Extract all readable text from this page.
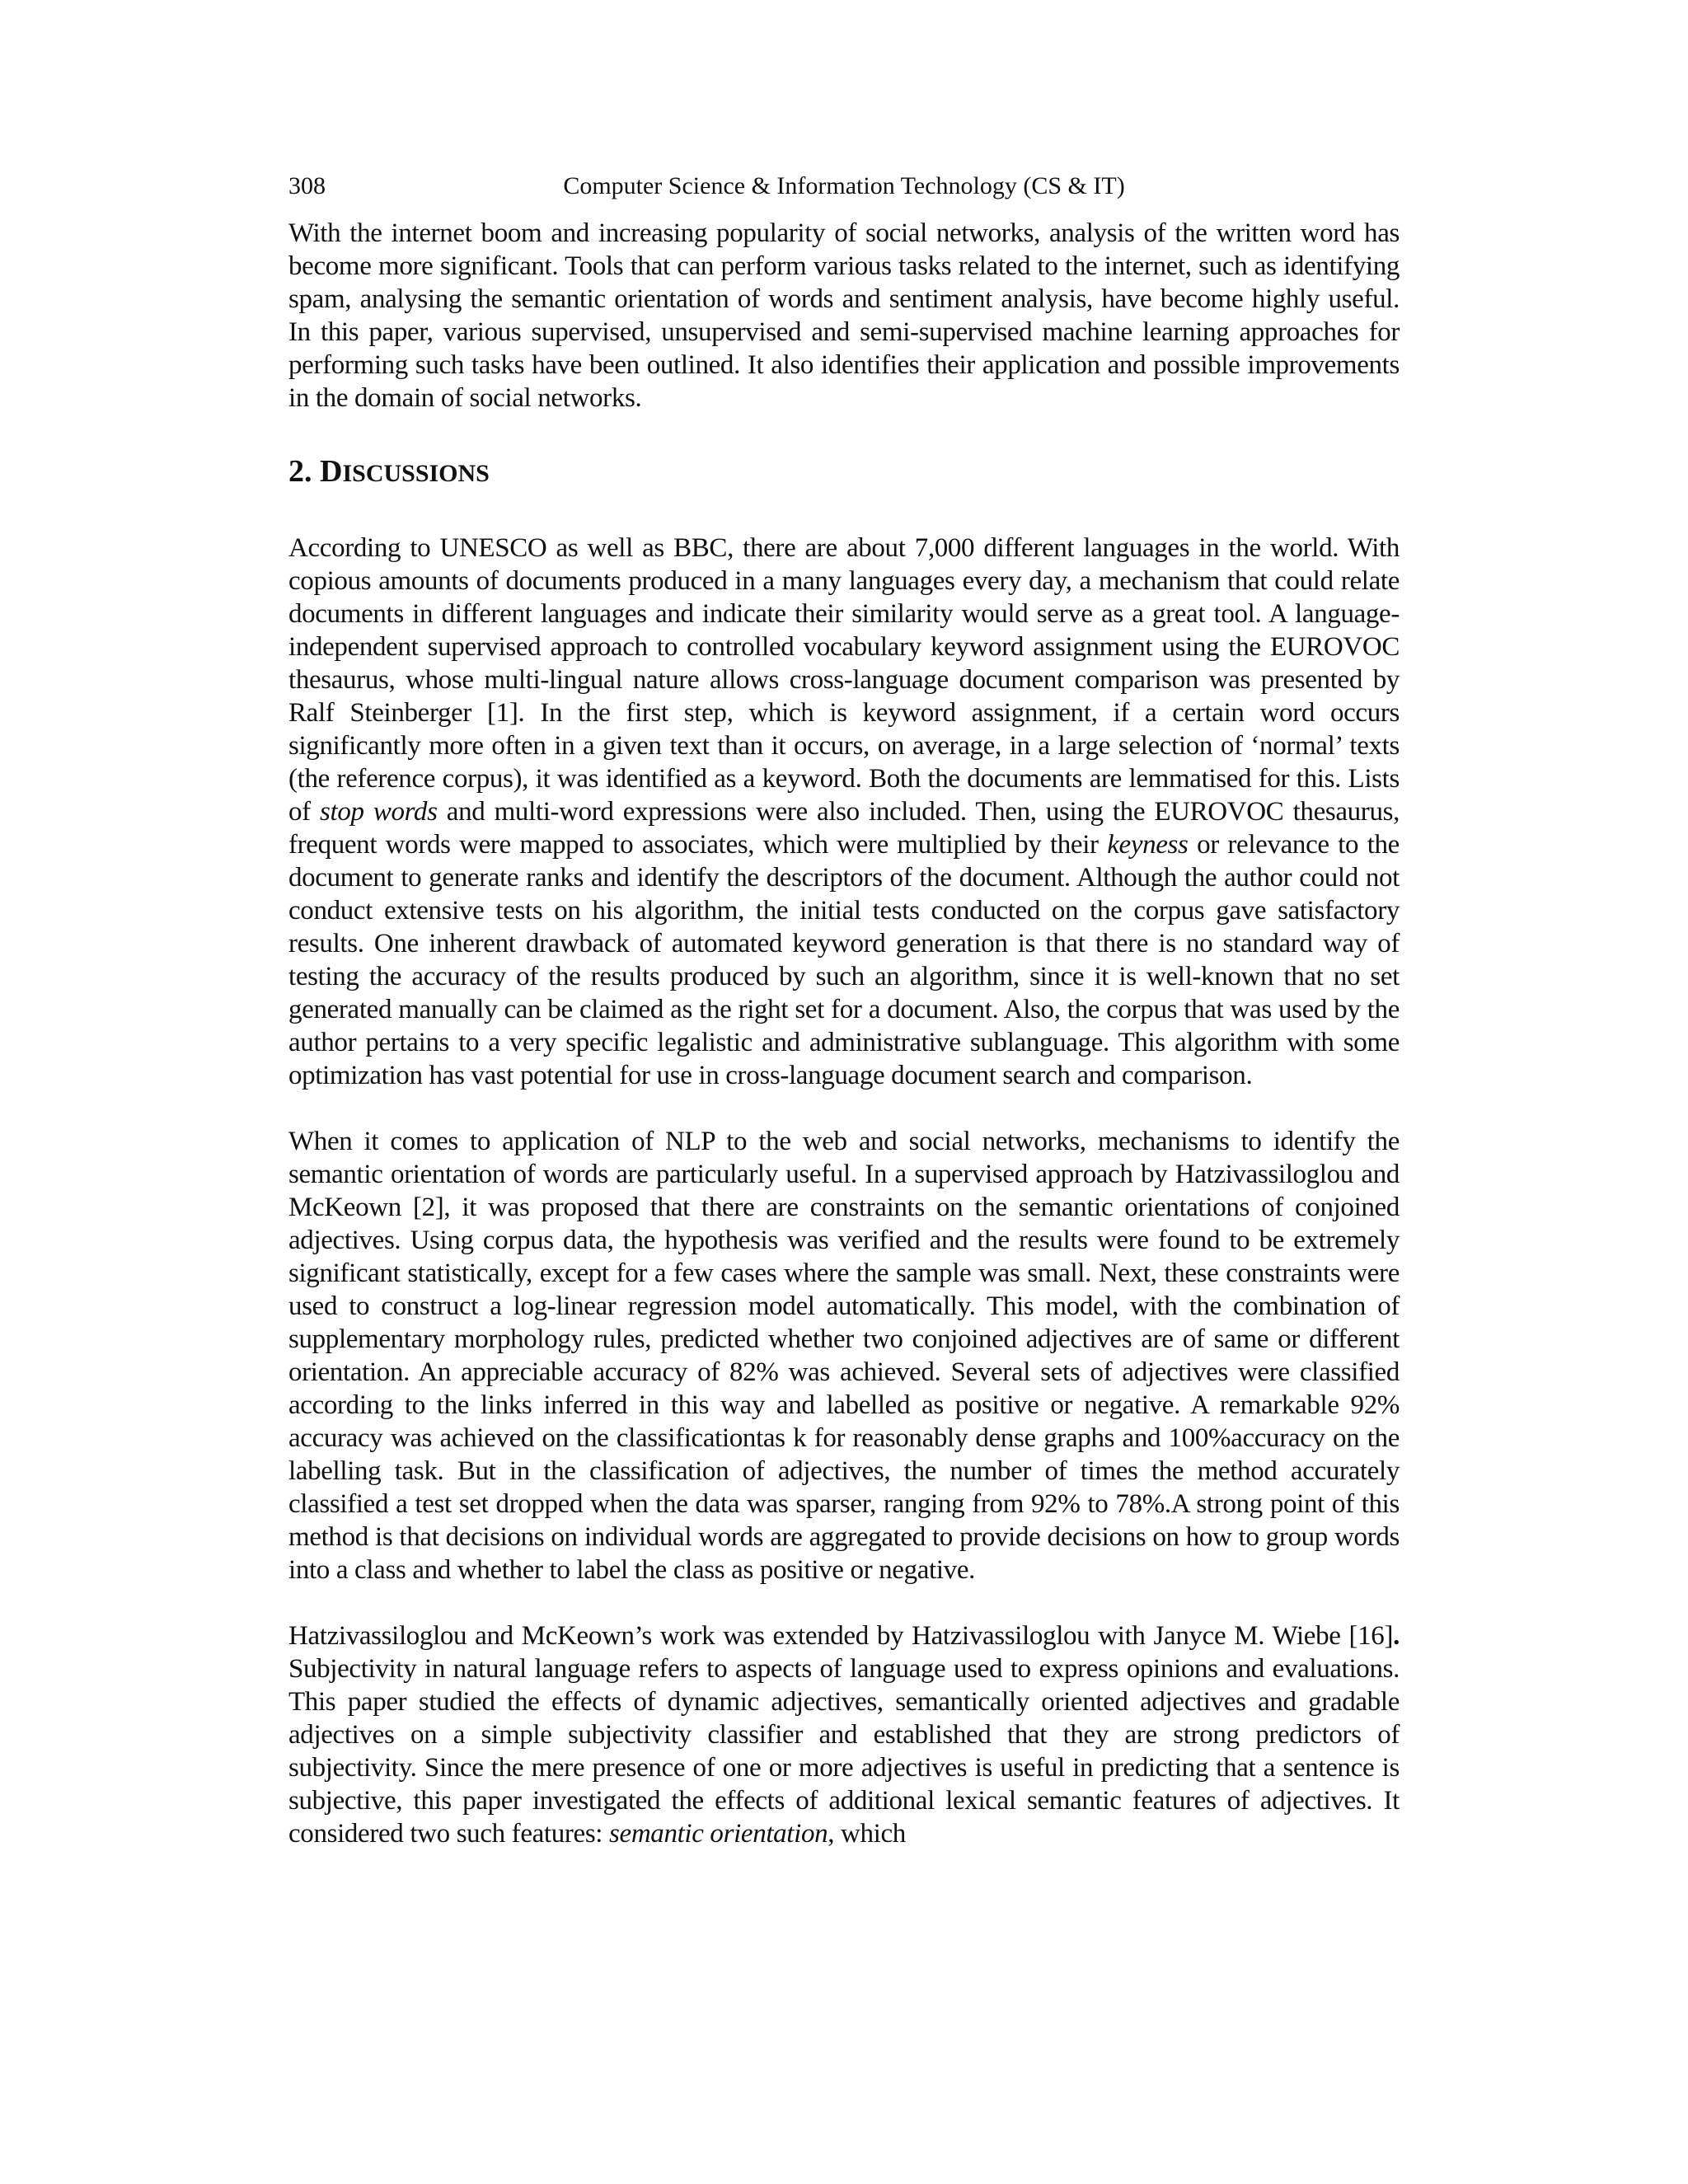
308	Computer Science & Information Technology (CS & IT)

With the internet boom and increasing popularity of social networks, analysis of the written word has become more significant. Tools that can perform various tasks related to the internet, such as identifying spam, analysing the semantic orientation of words and sentiment analysis, have become highly useful. In this paper, various supervised, unsupervised and semi-supervised machine learning approaches for performing such tasks have been outlined. It also identifies their application and possible improvements in the domain of social networks.

2. DISCUSSIONS

According to UNESCO as well as BBC, there are about 7,000 different languages in the world. With copious amounts of documents produced in a many languages every day, a mechanism that could relate documents in different languages and indicate their similarity would serve as a great tool. A language-independent supervised approach to controlled vocabulary keyword assignment using the EUROVOC thesaurus, whose multi-lingual nature allows cross-language document comparison was presented by Ralf Steinberger [1]. In the first step, which is keyword assignment, if a certain word occurs significantly more often in a given text than it occurs, on average, in a large selection of ‘normal’ texts (the reference corpus), it was identified as a keyword. Both the documents are lemmatised for this. Lists of stop words and multi-word expressions were also included. Then, using the EUROVOC thesaurus, frequent words were mapped to associates, which were multiplied by their keyness or relevance to the document to generate ranks and identify the descriptors of the document. Although the author could not conduct extensive tests on his algorithm, the initial tests conducted on the corpus gave satisfactory results. One inherent drawback of automated keyword generation is that there is no standard way of testing the accuracy of the results produced by such an algorithm, since it is well-known that no set generated manually can be claimed as the right set for a document. Also, the corpus that was used by the author pertains to a very specific legalistic and administrative sublanguage. This algorithm with some optimization has vast potential for use in cross-language document search and comparison.

When it comes to application of NLP to the web and social networks, mechanisms to identify the semantic orientation of words are particularly useful. In a supervised approach by Hatzivassiloglou and McKeown [2], it was proposed that there are constraints on the semantic orientations of conjoined adjectives. Using corpus data, the hypothesis was verified and the results were found to be extremely significant statistically, except for a few cases where the sample was small. Next, these constraints were used to construct a log-linear regression model automatically. This model, with the combination of supplementary morphology rules, predicted whether two conjoined adjectives are of same or different orientation. An appreciable accuracy of 82% was achieved. Several sets of adjectives were classified according to the links inferred in this way and labelled as positive or negative. A remarkable 92% accuracy was achieved on the classificationtas k for reasonably dense graphs and 100%accuracy on the labelling task. But in the classification of adjectives, the number of times the method accurately classified a test set dropped when the data was sparser, ranging from 92% to 78%.A strong point of this method is that decisions on individual words are aggregated to provide decisions on how to group words into a class and whether to label the class as positive or negative.

Hatzivassiloglou and McKeown’s work was extended by Hatzivassiloglou with Janyce M. Wiebe [16]. Subjectivity in natural language refers to aspects of language used to express opinions and evaluations. This paper studied the effects of dynamic adjectives, semantically oriented adjectives and gradable adjectives on a simple subjectivity classifier and established that they are strong predictors of subjectivity. Since the mere presence of one or more adjectives is useful in predicting that a sentence is subjective, this paper investigated the effects of additional lexical semantic features of adjectives. It considered two such features: semantic orientation, which
